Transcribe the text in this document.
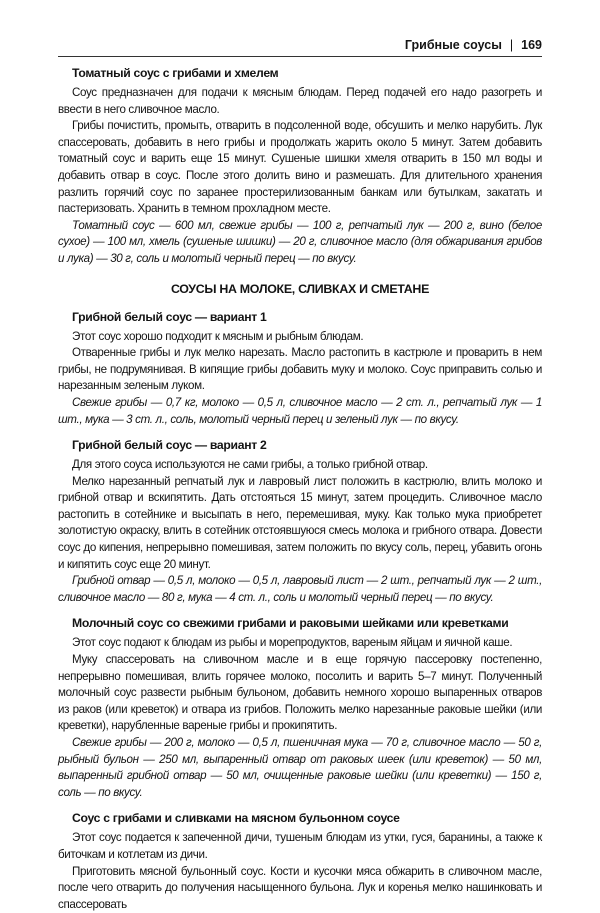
Грибные соусы | 169
Томатный соус с грибами и хмелем

Соус предназначен для подачи к мясным блюдам. Перед подачей его надо разогреть и ввести в него сливочное масло.

Грибы почистить, промыть, отварить в подсоленной воде, обсушить и мелко нарубить. Лук спассеровать, добавить в него грибы и продолжать жарить около 5 минут. Затем добавить томатный соус и варить еще 15 минут. Сушеные шишки хмеля отварить в 150 мл воды и добавить отвар в соус. После этого долить вино и размешать. Для длительного хранения разлить горячий соус по заранее простерилизованным банкам или бутылкам, закатать и пастеризовать. Хранить в темном прохладном месте.

Томатный соус — 600 мл, свежие грибы — 100 г, репчатый лук — 200 г, вино (белое сухое) — 100 мл, хмель (сушеные шишки) — 20 г, сливочное масло (для обжаривания грибов и лука) — 30 г, соль и молотый черный перец — по вкусу.

СОУСЫ НА МОЛОКЕ, СЛИВКАХ И СМЕТАНЕ
Грибной белый соус — вариант 1

Этот соус хорошо подходит к мясным и рыбным блюдам.

Отваренные грибы и лук мелко нарезать. Масло растопить в кастрюле и проварить в нем грибы, не подрумянивая. В кипящие грибы добавить муку и молоко. Соус приправить солью и нарезанным зеленым луком.

Свежие грибы — 0,7 кг, молоко — 0,5 л, сливочное масло — 2 ст. л., репчатый лук — 1 шт., мука — 3 ст. л., соль, молотый черный перец и зеленый лук — по вкусу.

Грибной белый соус — вариант 2

Для этого соуса используются не сами грибы, а только грибной отвар.

Мелко нарезанный репчатый лук и лавровый лист положить в кастрюлю, влить молоко и грибной отвар и вскипятить. Дать отстояться 15 минут, затем процедить. Сливочное масло растопить в сотейнике и высыпать в него, перемешивая, муку. Как только мука приобретет золотистую окраску, влить в сотейник отстоявшуюся смесь молока и грибного отвара. Довести соус до кипения, непрерывно помешивая, затем положить по вкусу соль, перец, убавить огонь и кипятить соус еще 20 минут.

Грибной отвар — 0,5 л, молоко — 0,5 л, лавровый лист — 2 шт., репчатый лук — 2 шт., сливочное масло — 80 г, мука — 4 ст. л., соль и молотый черный перец — по вкусу.

Молочный соус со свежими грибами и раковыми шейками или креветками

Этот соус подают к блюдам из рыбы и морепродуктов, вареным яйцам и яичной каше.

Муку спассеровать на сливочном масле и в еще горячую пассеровку постепенно, непрерывно помешивая, влить горячее молоко, посолить и варить 5–7 минут. Полученный молочный соус развести рыбным бульоном, добавить немного хорошо выпаренных отваров из раков (или креветок) и отвара из грибов. Положить мелко нарезанные раковые шейки (или креветки), нарубленные вареные грибы и прокипятить.

Свежие грибы — 200 г, молоко — 0,5 л, пшеничная мука — 70 г, сливочное масло — 50 г, рыбный бульон — 250 мл, выпаренный отвар от раковых шеек (или креветок) — 50 мл, выпаренный грибной отвар — 50 мл, очищенные раковые шейки (или креветки) — 150 г, соль — по вкусу.

Соус с грибами и сливками на мясном бульонном соусе

Этот соус подается к запеченной дичи, тушеным блюдам из утки, гуся, баранины, а также к биточкам и котлетам из дичи.

Приготовить мясной бульонный соус. Кости и кусочки мяса обжарить в сливочном масле, после чего отварить до получения насыщенного бульона. Лук и коренья мелко нашинковать и спассеровать
